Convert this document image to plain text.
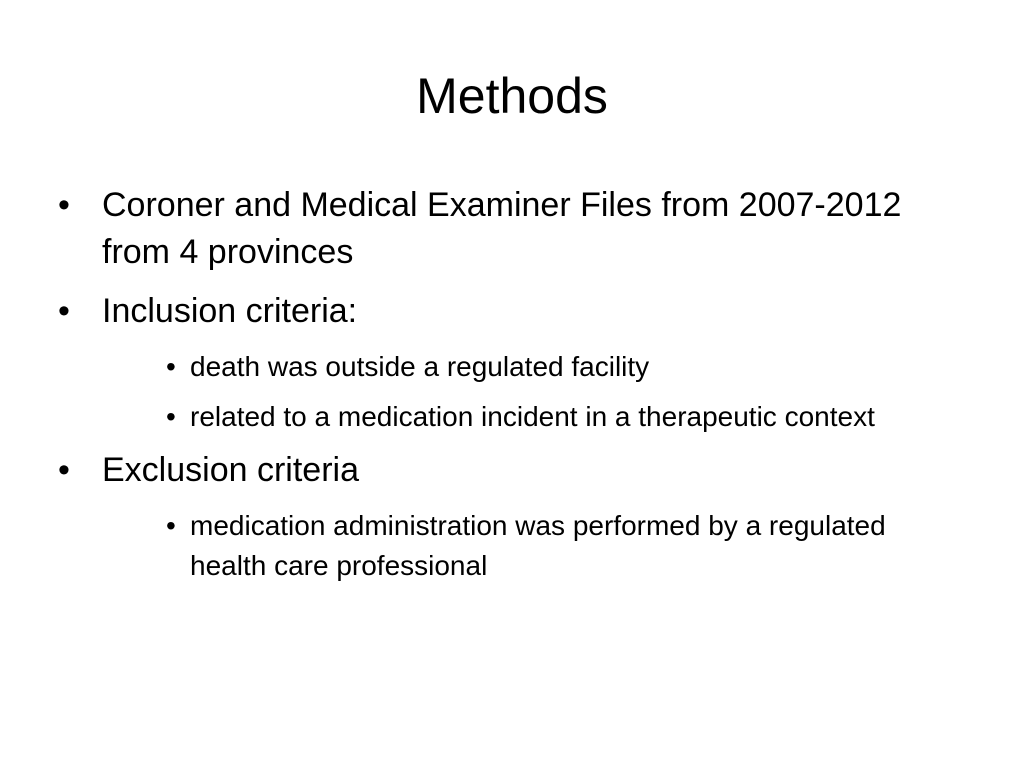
Methods
• Coroner and Medical Examiner Files from 2007-2012 from 4 provinces
• Inclusion criteria:
• death was outside a regulated facility
• related to a medication incident in a therapeutic context
• Exclusion criteria
• medication administration was performed by a regulated health care professional
